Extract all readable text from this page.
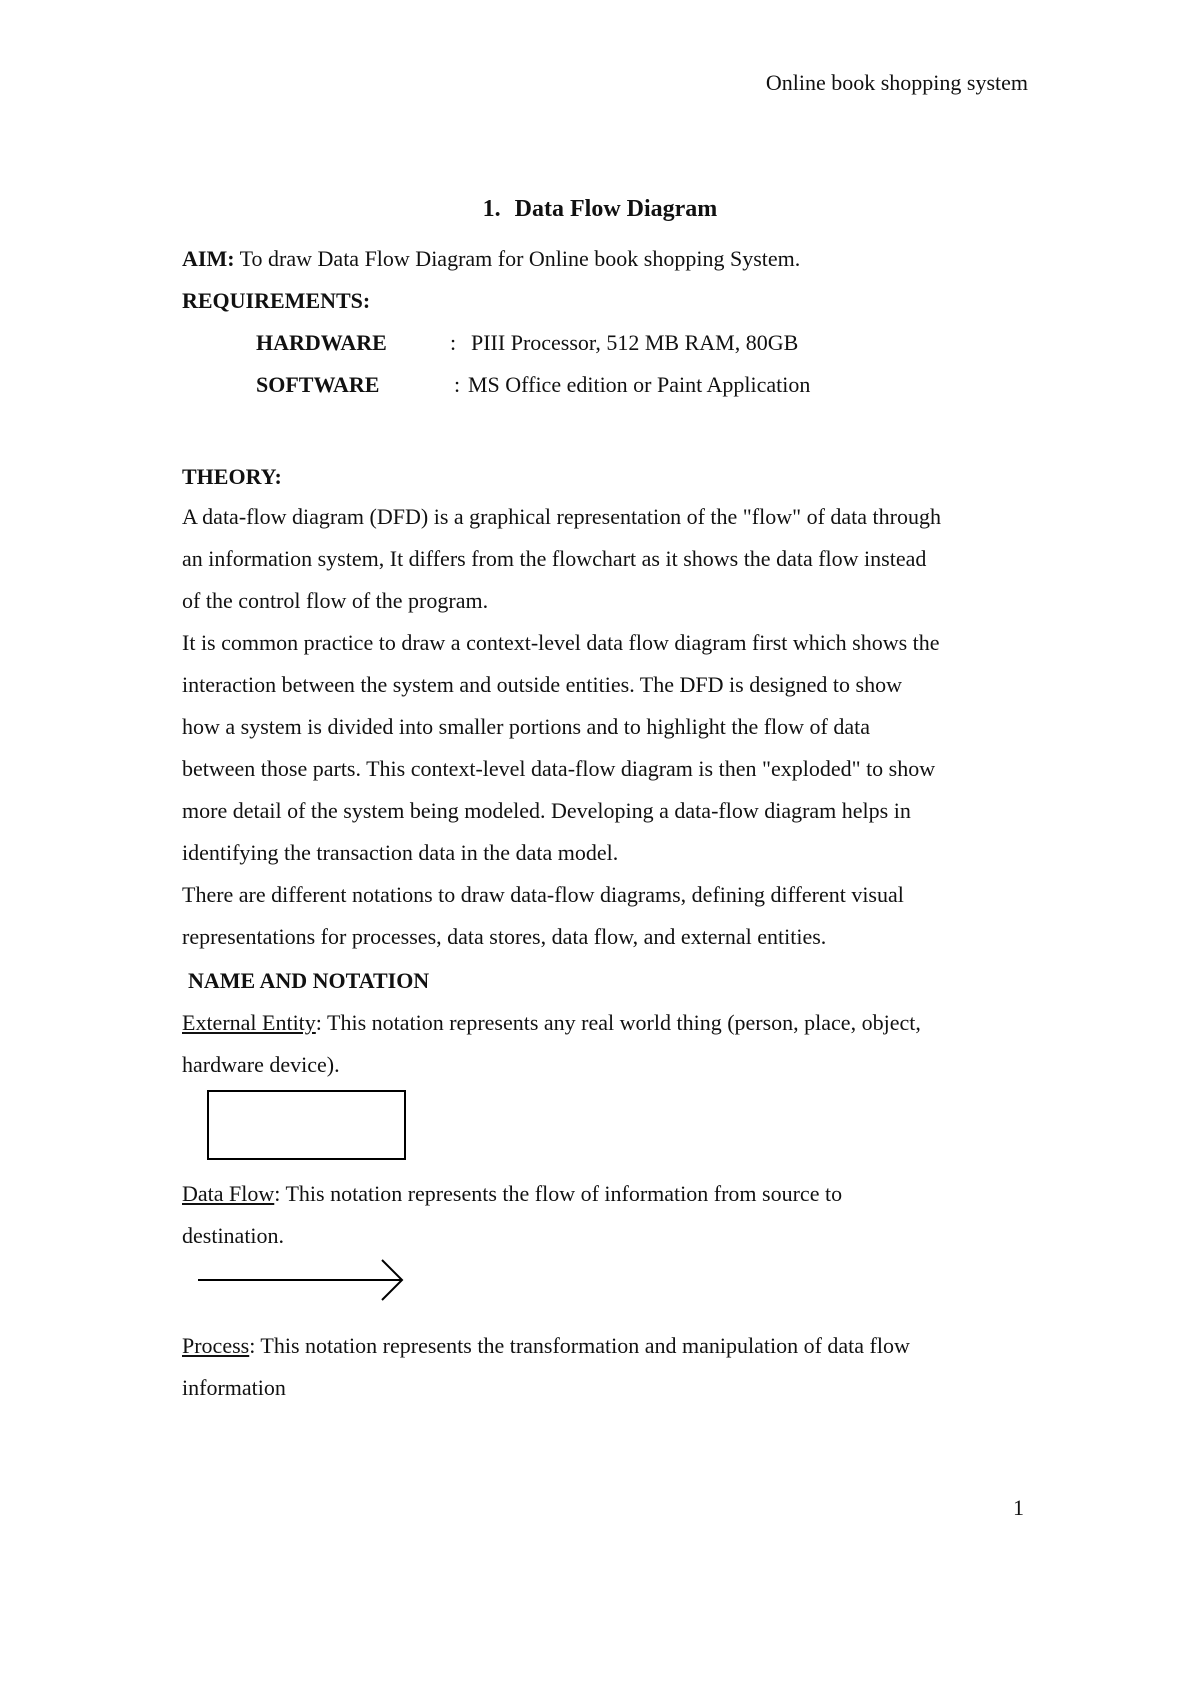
Online book shopping system
1. Data Flow Diagram
AIM: To draw Data Flow Diagram for Online book shopping System.
REQUIREMENTS:
HARDWARE	: PIII Processor, 512 MB RAM, 80GB
SOFTWARE	: MS Office edition or Paint Application
THEORY:

A data-flow diagram (DFD) is a graphical representation of the "flow" of data through

an information system, It differs from the flowchart as it shows the data flow instead

of the control flow of the program.

It is common practice to draw a context-level data flow diagram first which shows the

interaction between the system and outside entities. The DFD is designed to show

how a system is divided into smaller portions and to highlight the flow of data

between those parts. This context-level data-flow diagram is then "exploded" to show

more detail of the system being modeled. Developing a data-flow diagram helps in

identifying the transaction data in the data model.

There are different notations to draw data-flow diagrams, defining different visual

representations for processes, data stores, data flow, and external entities.

NAME AND NOTATION
External Entity: This notation represents any real world thing (person, place, object,
hardware device).
Data Flow: This notation represents the flow of information from source to
destination.
Process: This notation represents the transformation and manipulation of data flow
information
1
